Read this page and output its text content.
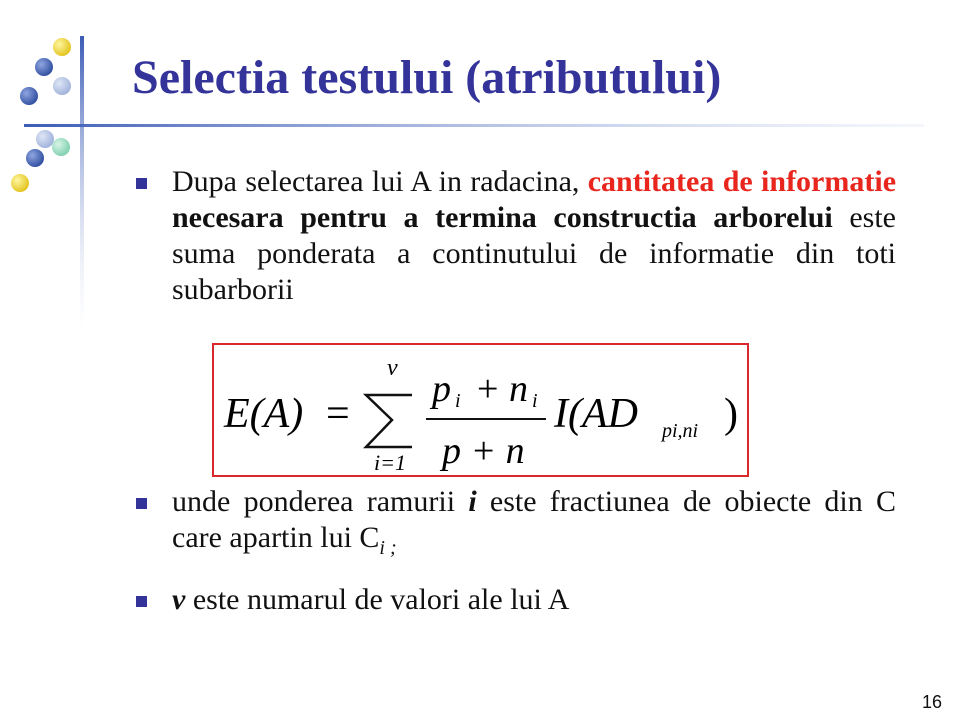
Selectia testului (atributului)
Dupa selectarea lui A in radacina, cantitatea de informatie necesara pentru a termina constructia arborelui este suma ponderata a continutului de informatie din toti subarborii
unde ponderea ramurii i este fractiunea de obiecte din C care apartin lui $C_{i ;}$
v este numarul de valori ale lui A
E(A) =
v
i=1
p i + n i
p + n
I(AD pi,ni )
16
